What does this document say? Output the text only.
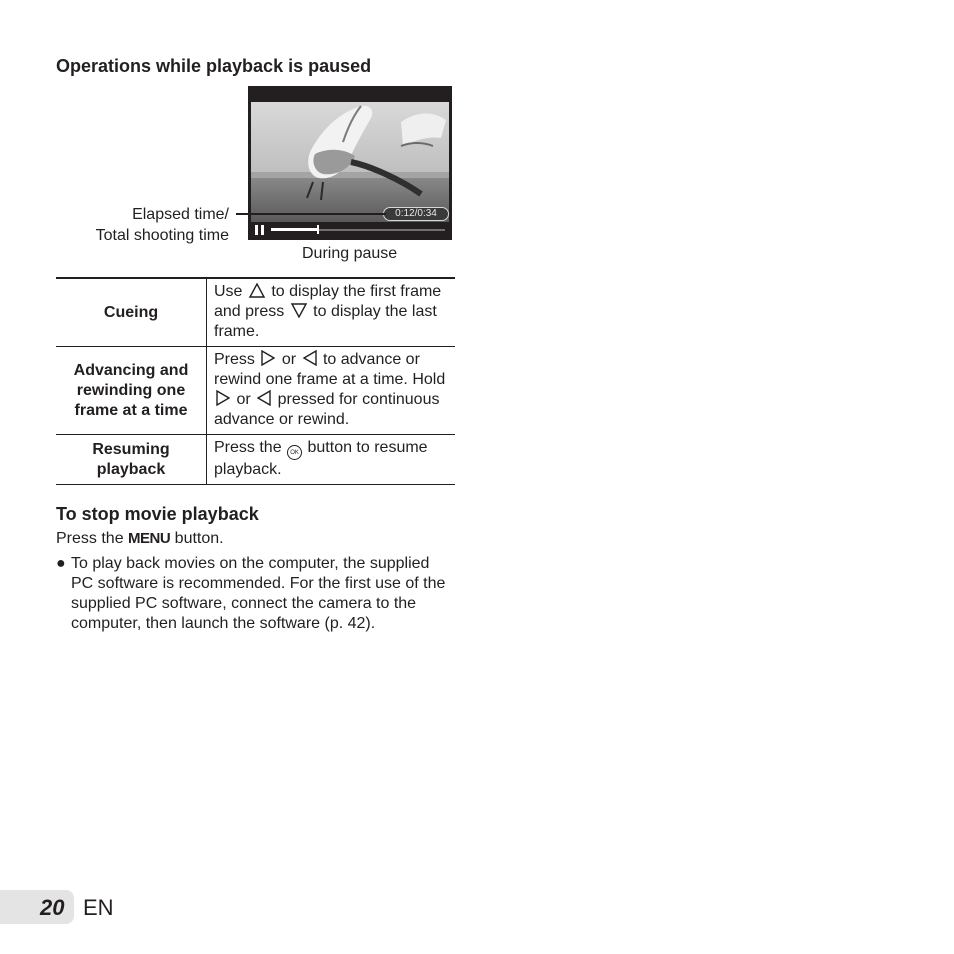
Operations while playback is paused
0:12/0:34
Elapsed time/
Total shooting time
During pause
Cueing	Use to display the first frame and press to display the last frame.
Advancing and
rewinding one
frame at a time	Press or to advance or rewind one frame at a time. Hold  or pressed for continuous advance or rewind.
Resuming
playback	Press the OK button to resume playback.
To stop movie playback
Press the MENU button.
● To play back movies on the computer, the supplied PC software is recommended. For the first use of the supplied PC software, connect the camera to the computer, then launch the software (p. 42).
20 EN
